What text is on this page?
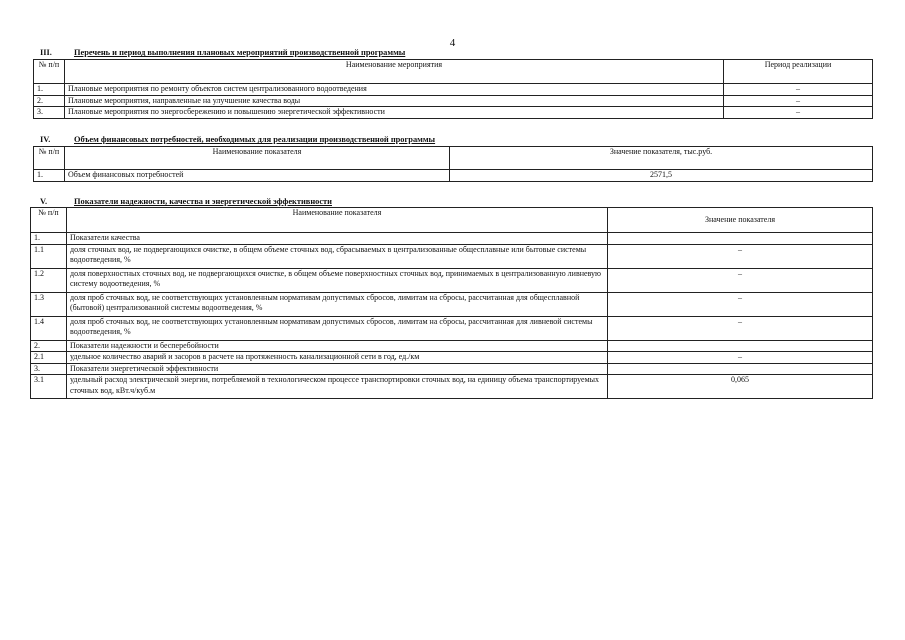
4
III.	Перечень и период выполнения плановых мероприятий производственной программы
№ п/п	Наименование мероприятия	Период реализации
1.	Плановые мероприятия по ремонту объектов систем централизованного водоотведения	–
2.	Плановые мероприятия, направленные на улучшение качества воды	–
3.	Плановые мероприятия по энергосбережению и повышению энергетической эффективности	–
IV.	Объем финансовых потребностей, необходимых для реализации производственной программы
№ п/п	Наименование показателя	Значение показателя, тыс.руб.
1.	Объем финансовых потребностей	2571,5
V.	Показатели надежности, качества и энергетической эффективности
№ п/п	Наименование показателя	Значение показателя
1.	Показатели качества	
1.1	доля сточных вод, не подвергающихся очистке, в общем объеме сточных вод, сбрасываемых в централизованные общесплавные или бытовые системы водоотведения, %	–
1.2	доля поверхностных сточных вод, не подвергающихся очистке, в общем объеме поверхностных сточных вод, принимаемых в централизованную ливневую систему водоотведения, %	–
1.3	доля проб сточных вод, не соответствующих установленным нормативам допустимых сбросов, лимитам на сбросы, рассчитанная для общесплавной (бытовой) централизованной системы водоотведения, %	–
1.4	доля проб сточных вод, не соответствующих установленным нормативам допустимых сбросов, лимитам на сбросы, рассчитанная для ливневой системы водоотведения, %	–
2.	Показатели надежности и бесперебойности	
2.1	удельное количество аварий и засоров в расчете на протяженность канализационной сети в год, ед./км	–
3.	Показатели энергетической эффективности	
3.1	удельный расход электрической энергии, потребляемой в технологическом процессе транспортировки сточных вод, на единицу объема транспортируемых сточных вод, кВт.ч/куб.м	0,065
